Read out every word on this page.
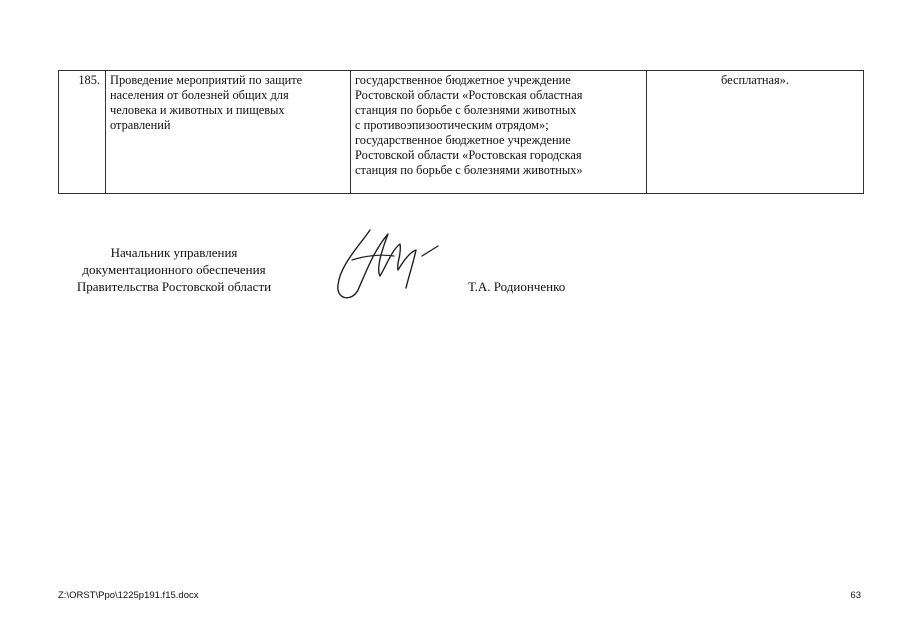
185. Проведение мероприятий по защите
населения от болезней общих для
человека и животных и пищевых
отравлений
государственное бюджетное учреждение
Ростовской области «Ростовская областная
станция по борьбе с болезнями животных
с противоэпизоотическим отрядом»;
государственное бюджетное учреждение
Ростовской области «Ростовская городская
станция по борьбе с болезнями животных»
бесплатная».
Начальник управления
документационного обеспечения
Правительства Ростовской области	Т.А. Родионченко
Z:\ORST\Ppo\1225p191.f15.docx	63
